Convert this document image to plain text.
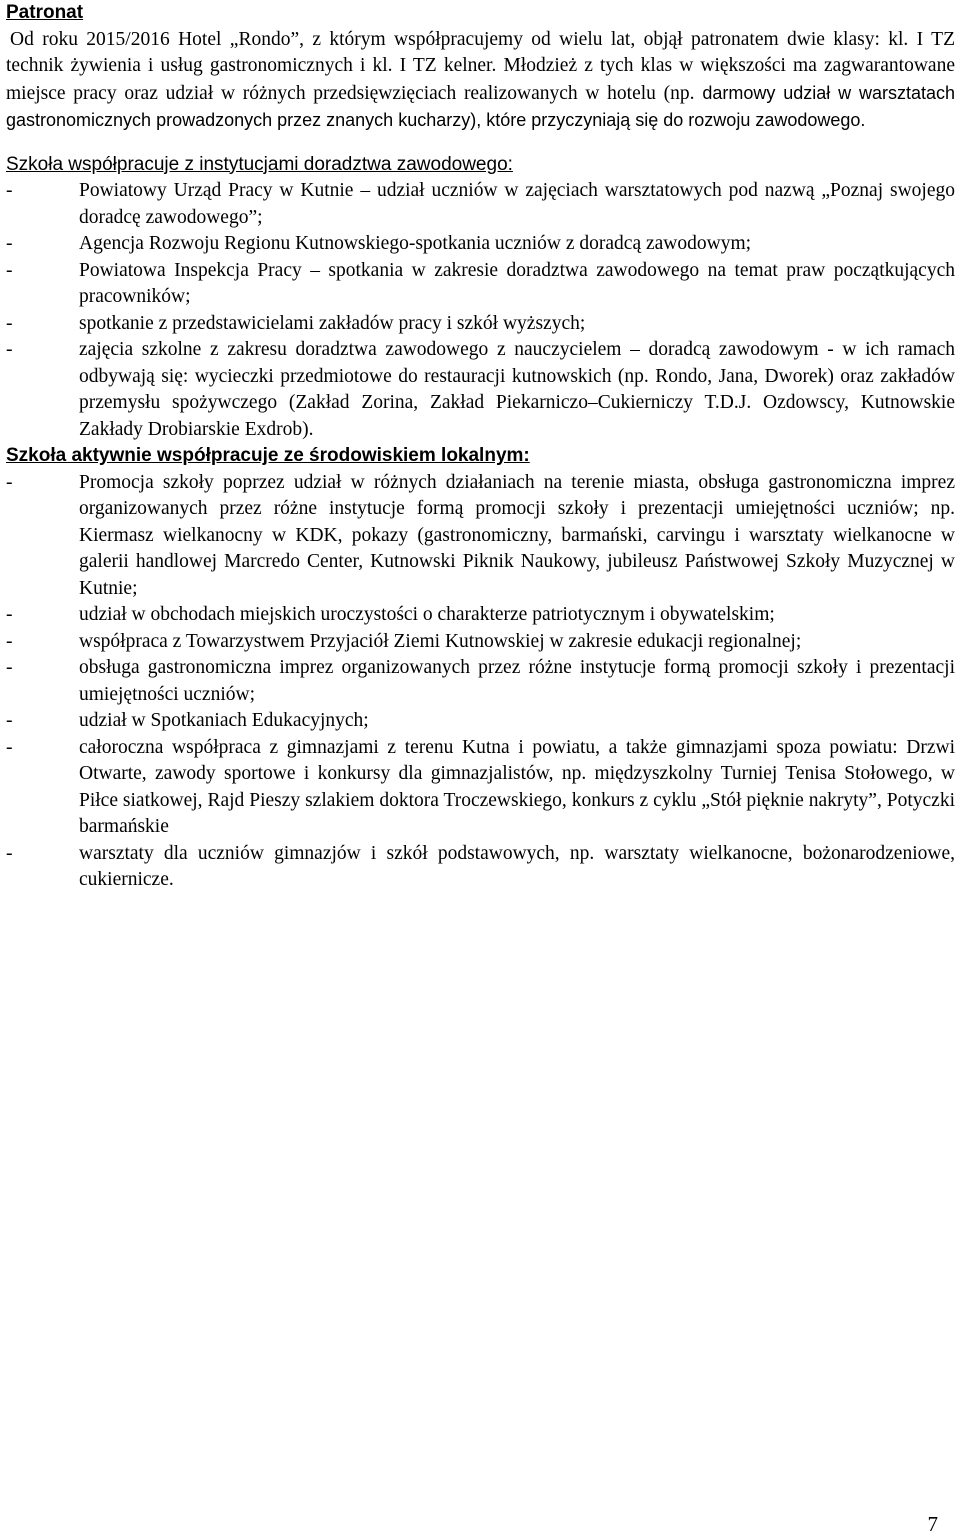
Patronat

Od roku 2015/2016 Hotel „Rondo”, z którym współpracujemy od wielu lat, objął patronatem dwie klasy: kl. I TZ technik żywienia i usług gastronomicznych i kl. I TZ kelner. Młodzież z tych klas w większości ma zagwarantowane miejsce pracy oraz udział w różnych przedsięwzięciach realizowanych w hotelu (np. darmowy udział w warsztatach gastronomicznych prowadzonych przez znanych kucharzy), które przyczyniają się do rozwoju zawodowego.

Szkoła współpracuje z instytucjami doradztwa zawodowego:
-	Powiatowy Urząd Pracy w Kutnie – udział uczniów w zajęciach warsztatowych pod nazwą „Poznaj swojego doradcę zawodowego”;
-	Agencja Rozwoju Regionu Kutnowskiego-spotkania uczniów z doradcą zawodowym;
-	Powiatowa Inspekcja Pracy – spotkania w zakresie doradztwa zawodowego na temat praw początkujących pracowników;
-	spotkanie z przedstawicielami zakładów pracy i szkół wyższych;
-	zajęcia szkolne z zakresu doradztwa zawodowego z nauczycielem – doradcą zawodowym - w ich ramach odbywają się: wycieczki przedmiotowe do restauracji kutnowskich (np. Rondo, Jana, Dworek) oraz zakładów przemysłu spożywczego (Zakład Zorina, Zakład Piekarniczo–Cukierniczy T.D.J. Ozdowscy, Kutnowskie Zakłady Drobiarskie Exdrob).
Szkoła aktywnie współpracuje ze środowiskiem lokalnym:
-	Promocja szkoły poprzez udział w różnych działaniach na terenie miasta, obsługa gastronomiczna imprez organizowanych przez różne instytucje formą promocji szkoły i prezentacji umiejętności uczniów; np. Kiermasz wielkanocny w KDK, pokazy (gastronomiczny, barmański, carvingu i warsztaty wielkanocne w galerii handlowej Marcredo Center, Kutnowski Piknik Naukowy, jubileusz Państwowej Szkoły Muzycznej w Kutnie;
-	udział w obchodach miejskich uroczystości o charakterze patriotycznym i obywatelskim;
-	współpraca z Towarzystwem Przyjaciół Ziemi Kutnowskiej w zakresie edukacji regionalnej;
-	obsługa gastronomiczna imprez organizowanych przez różne instytucje formą promocji szkoły i prezentacji umiejętności uczniów;
-	udział w Spotkaniach Edukacyjnych;
-	całoroczna współpraca z gimnazjami z terenu Kutna i powiatu, a także gimnazjami spoza powiatu: Drzwi Otwarte, zawody sportowe i konkursy dla gimnazjalistów, np. międzyszkolny Turniej Tenisa Stołowego, w Piłce siatkowej, Rajd Pieszy szlakiem doktora Troczewskiego, konkurs z cyklu „Stół pięknie nakryty”, Potyczki barmańskie
-	warsztaty dla uczniów gimnazjów i szkół podstawowych, np. warsztaty wielkanocne, bożonarodzeniowe, cukiernicze.
7
